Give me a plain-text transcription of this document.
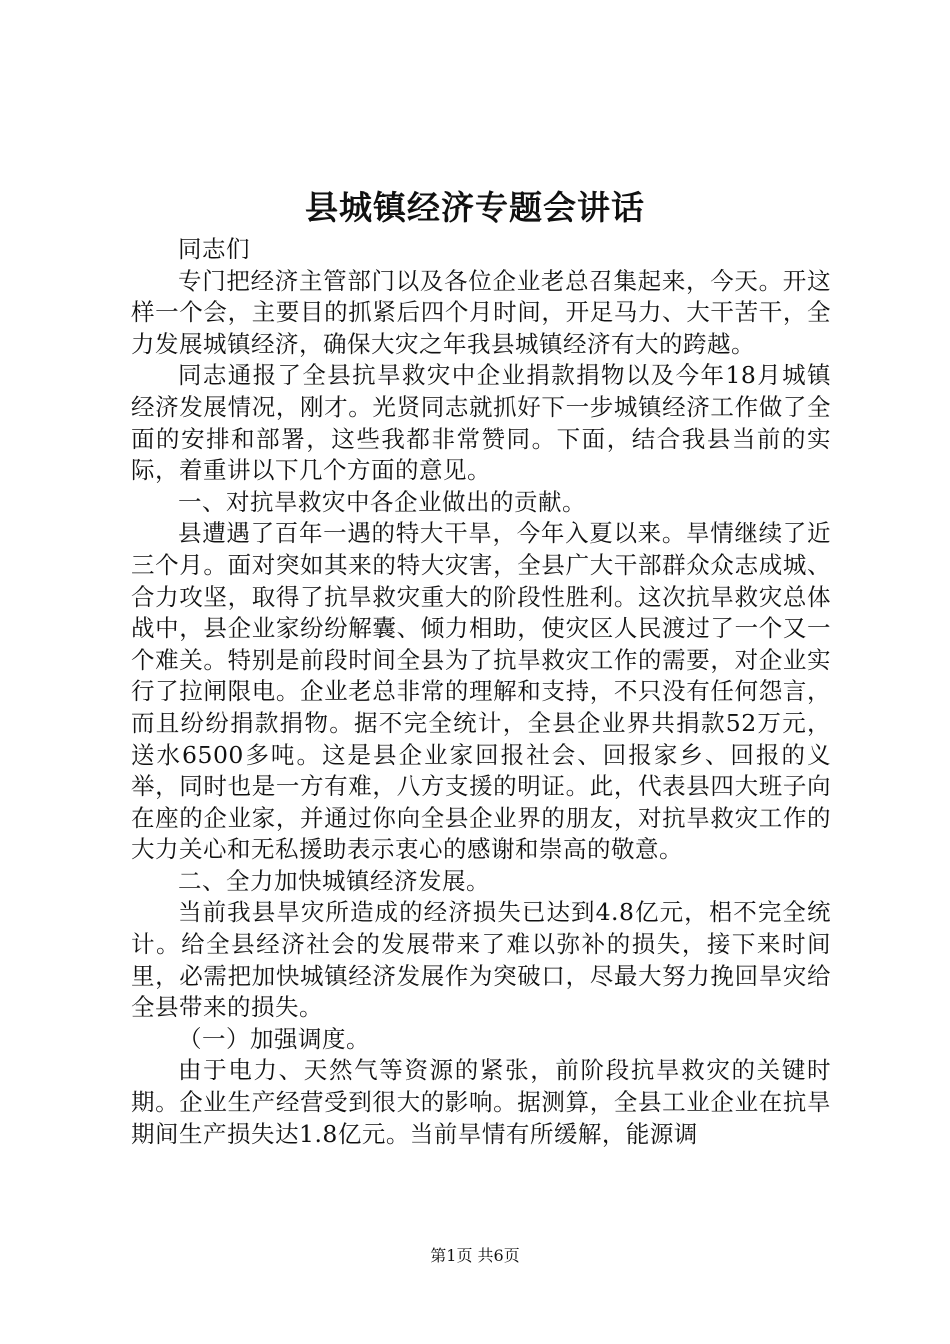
县城镇经济专题会讲话

同志们

专门把经济主管部门以及各位企业老总召集起来，今天。开这样一个会，主要目的抓紧后四个月时间，开足马力、大干苦干，全力发展城镇经济，确保大灾之年我县城镇经济有大的跨越。

同志通报了全县抗旱救灾中企业捐款捐物以及今年18月城镇经济发展情况，刚才。光贤同志就抓好下一步城镇经济工作做了全面的安排和部署，这些我都非常赞同。下面，结合我县当前的实际，着重讲以下几个方面的意见。

一、对抗旱救灾中各企业做出的贡献。

县遭遇了百年一遇的特大干旱，今年入夏以来。旱情继续了近三个月。面对突如其来的特大灾害，全县广大干部群众众志成城、合力攻坚，取得了抗旱救灾重大的阶段性胜利。这次抗旱救灾总体战中，县企业家纷纷解囊、倾力相助，使灾区人民渡过了一个又一个难关。特别是前段时间全县为了抗旱救灾工作的需要，对企业实行了拉闸限电。企业老总非常的理解和支持，不只没有任何怨言，而且纷纷捐款捐物。据不完全统计，全县企业界共捐款52万元，送水6500多吨。这是县企业家回报社会、回报家乡、回报的义举，同时也是一方有难，八方支援的明证。此，代表县四大班子向在座的企业家，并通过你向全县企业界的朋友，对抗旱救灾工作的大力关心和无私援助表示衷心的感谢和崇高的敬意。

二、全力加快城镇经济发展。

当前我县旱灾所造成的经济损失已达到4.8亿元，梠不完全统计。给全县经济社会的发展带来了难以弥补的损失，接下来时间里，必需把加快城镇经济发展作为突破口，尽最大努力挽回旱灾给全县带来的损失。

（一）加强调度。

由于电力、天然气等资源的紧张，前阶段抗旱救灾的关键时期。企业生产经营受到很大的影响。据测算，全县工业企业在抗旱期间生产损失达1.8亿元。当前旱情有所缓解，能源调

第1页 共6页
